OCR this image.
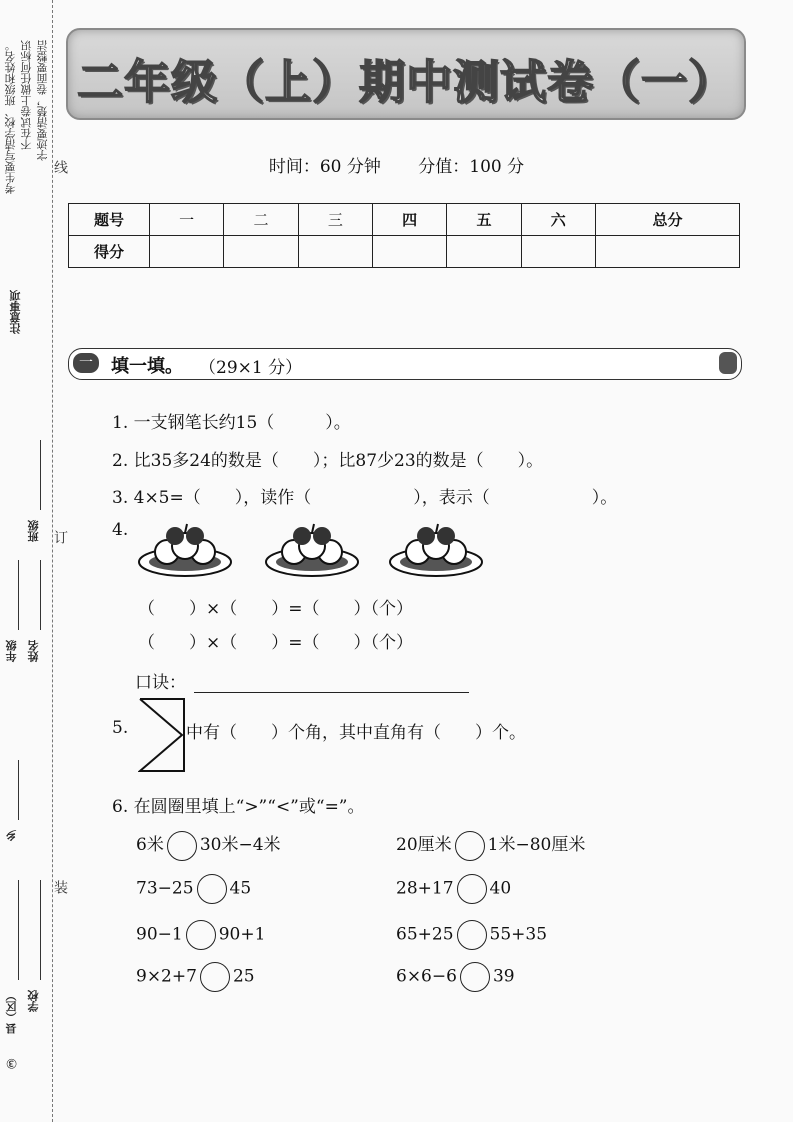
考生要写清学校、班级和姓名。 不在试卷上做任何标识 字迹要清楚，卷面要整洁
注意事项
线
班级 订
年级 姓名
乡
装
县（区） 学校
③
二年级（上）期中测试卷（一）
时间：60 分钟 分值：100 分
题号	一	二	三	四	五	六	总分
得分							
一	填一填。 （29×1 分）
1. 一支钢笔长约15（　　　）。
2. 比35多24的数是（　　）；比87少23的数是（　　）。
3. 4×5=（　　），读作（　　　　　　），表示（　　　　　　）。
4.
（　　）×（　　）=（　　）（个）
（　　）×（　　）=（　　）（个）
口诀：
5.	中有（　　）个角，其中直角有（　　）个。
6. 在圆圈里填上“>”“<”或“=”。
6米 30米−4米	20厘米 1米−80厘米
73−25 45	28+17 40
90−1 90+1	65+25 55+35
9×2+7 25	6×6−6 39
